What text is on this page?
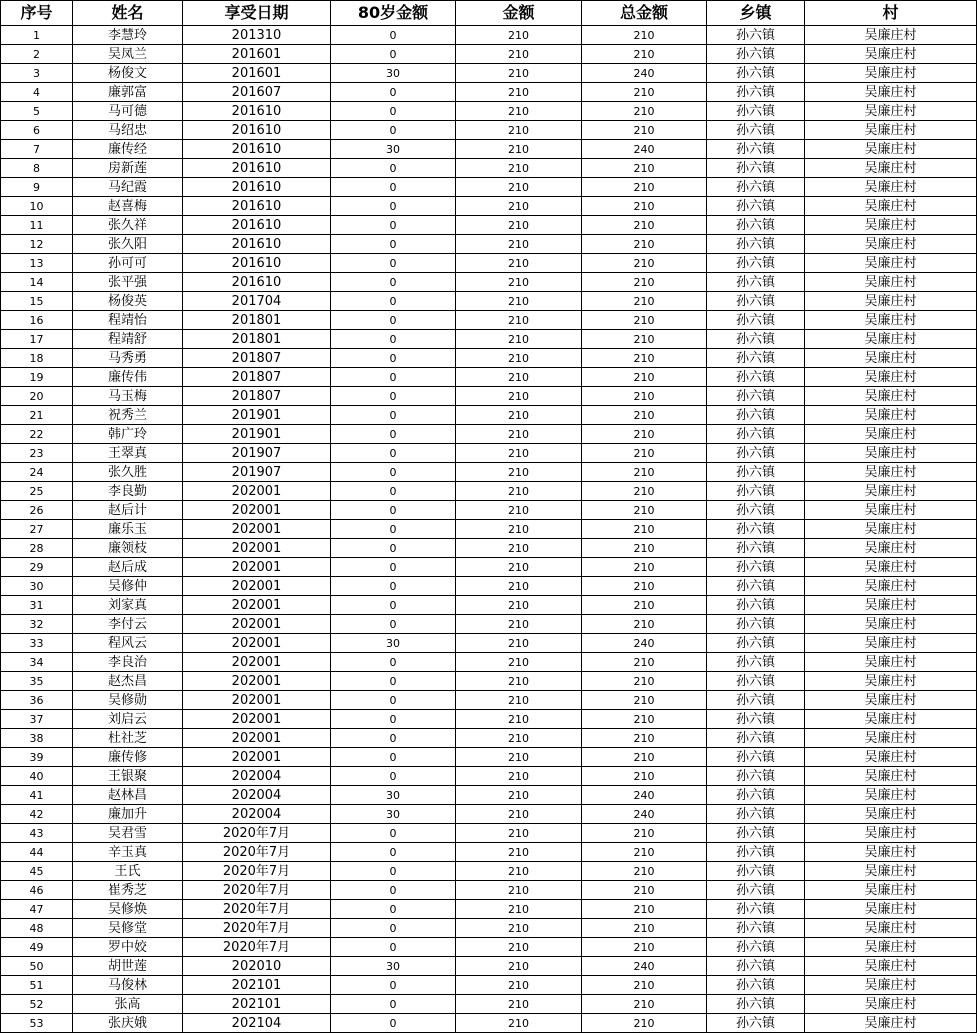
序号	姓名	享受日期	80岁金额	金额	总金额	乡镇	村
1	李慧玲	201310	0	210	210	孙六镇	吴廉庄村
2	吴凤兰	201601	0	210	210	孙六镇	吴廉庄村
3	杨俊文	201601	30	210	240	孙六镇	吴廉庄村
4	廉郭富	201607	0	210	210	孙六镇	吴廉庄村
5	马可德	201610	0	210	210	孙六镇	吴廉庄村
6	马绍忠	201610	0	210	210	孙六镇	吴廉庄村
7	廉传经	201610	30	210	240	孙六镇	吴廉庄村
8	房新莲	201610	0	210	210	孙六镇	吴廉庄村
9	马纪霞	201610	0	210	210	孙六镇	吴廉庄村
10	赵喜梅	201610	0	210	210	孙六镇	吴廉庄村
11	张久祥	201610	0	210	210	孙六镇	吴廉庄村
12	张久阳	201610	0	210	210	孙六镇	吴廉庄村
13	孙可可	201610	0	210	210	孙六镇	吴廉庄村
14	张平强	201610	0	210	210	孙六镇	吴廉庄村
15	杨俊英	201704	0	210	210	孙六镇	吴廉庄村
16	程靖怡	201801	0	210	210	孙六镇	吴廉庄村
17	程靖舒	201801	0	210	210	孙六镇	吴廉庄村
18	马秀勇	201807	0	210	210	孙六镇	吴廉庄村
19	廉传伟	201807	0	210	210	孙六镇	吴廉庄村
20	马玉梅	201807	0	210	210	孙六镇	吴廉庄村
21	祝秀兰	201901	0	210	210	孙六镇	吴廉庄村
22	韩广玲	201901	0	210	210	孙六镇	吴廉庄村
23	王翠真	201907	0	210	210	孙六镇	吴廉庄村
24	张久胜	201907	0	210	210	孙六镇	吴廉庄村
25	李良勤	202001	0	210	210	孙六镇	吴廉庄村
26	赵后计	202001	0	210	210	孙六镇	吴廉庄村
27	廉乐玉	202001	0	210	210	孙六镇	吴廉庄村
28	廉领枝	202001	0	210	210	孙六镇	吴廉庄村
29	赵后成	202001	0	210	210	孙六镇	吴廉庄村
30	吴修仲	202001	0	210	210	孙六镇	吴廉庄村
31	刘家真	202001	0	210	210	孙六镇	吴廉庄村
32	李付云	202001	0	210	210	孙六镇	吴廉庄村
33	程风云	202001	30	210	240	孙六镇	吴廉庄村
34	李良治	202001	0	210	210	孙六镇	吴廉庄村
35	赵杰昌	202001	0	210	210	孙六镇	吴廉庄村
36	吴修勋	202001	0	210	210	孙六镇	吴廉庄村
37	刘启云	202001	0	210	210	孙六镇	吴廉庄村
38	杜社芝	202001	0	210	210	孙六镇	吴廉庄村
39	廉传修	202001	0	210	210	孙六镇	吴廉庄村
40	王银聚	202004	0	210	210	孙六镇	吴廉庄村
41	赵林昌	202004	30	210	240	孙六镇	吴廉庄村
42	廉加升	202004	30	210	240	孙六镇	吴廉庄村
43	吴君雪	2020年7月	0	210	210	孙六镇	吴廉庄村
44	辛玉真	2020年7月	0	210	210	孙六镇	吴廉庄村
45	王氏	2020年7月	0	210	210	孙六镇	吴廉庄村
46	崔秀芝	2020年7月	0	210	210	孙六镇	吴廉庄村
47	吴修焕	2020年7月	0	210	210	孙六镇	吴廉庄村
48	吴修堂	2020年7月	0	210	210	孙六镇	吴廉庄村
49	罗中姣	2020年7月	0	210	210	孙六镇	吴廉庄村
50	胡世莲	202010	30	210	240	孙六镇	吴廉庄村
51	马俊林	202101	0	210	210	孙六镇	吴廉庄村
52	张高	202101	0	210	210	孙六镇	吴廉庄村
53	张庆娥	202104	0	210	210	孙六镇	吴廉庄村
